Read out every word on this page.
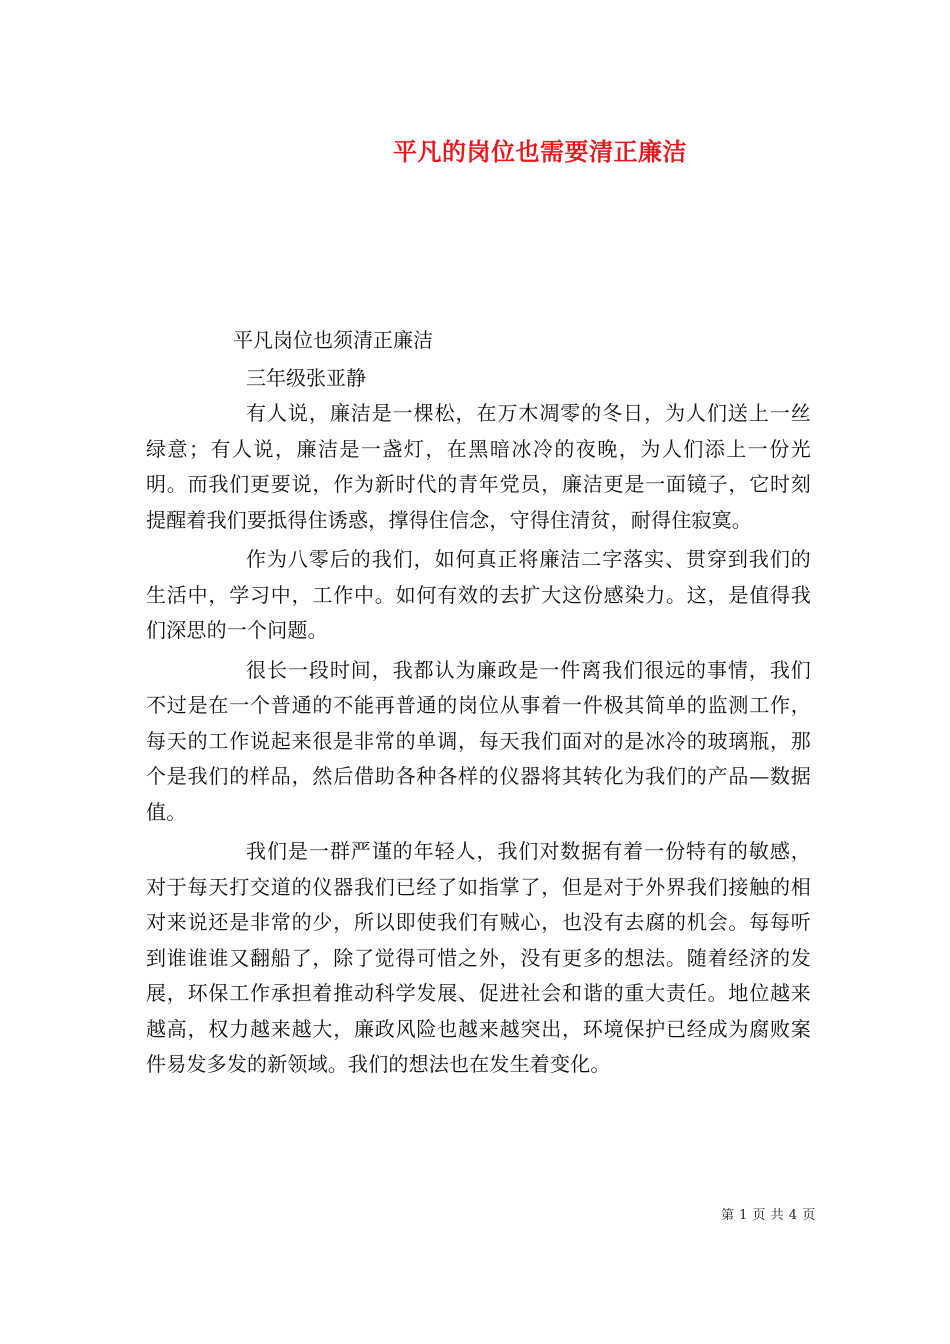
平凡的岗位也需要清正廉洁
平凡岗位也须清正廉洁
三年级张亚静

有人说，廉洁是一棵松，在万木凋零的冬日，为人们送上一丝绿意；有人说，廉洁是一盏灯，在黑暗冰冷的夜晚，为人们添上一份光明。而我们更要说，作为新时代的青年党员，廉洁更是一面镜子，它时刻提醒着我们要抵得住诱惑，撑得住信念，守得住清贫，耐得住寂寞。

作为八零后的我们，如何真正将廉洁二字落实、贯穿到我们的生活中，学习中，工作中。如何有效的去扩大这份感染力。这，是值得我们深思的一个问题。

很长一段时间，我都认为廉政是一件离我们很远的事情，我们不过是在一个普通的不能再普通的岗位从事着一件极其简单的监测工作，每天的工作说起来很是非常的单调，每天我们面对的是冰冷的玻璃瓶，那个是我们的样品，然后借助各种各样的仪器将其转化为我们的产品—数据值。

我们是一群严谨的年轻人，我们对数据有着一份特有的敏感，对于每天打交道的仪器我们已经了如指掌了，但是对于外界我们接触的相对来说还是非常的少，所以即使我们有贼心，也没有去腐的机会。每每听到谁谁谁又翻船了，除了觉得可惜之外，没有更多的想法。随着经济的发展，环保工作承担着推动科学发展、促进社会和谐的重大责任。地位越来越高，权力越来越大，廉政风险也越来越突出，环境保护已经成为腐败案件易发多发的新领域。我们的想法也在发生着变化。

第 1 页 共 4 页
